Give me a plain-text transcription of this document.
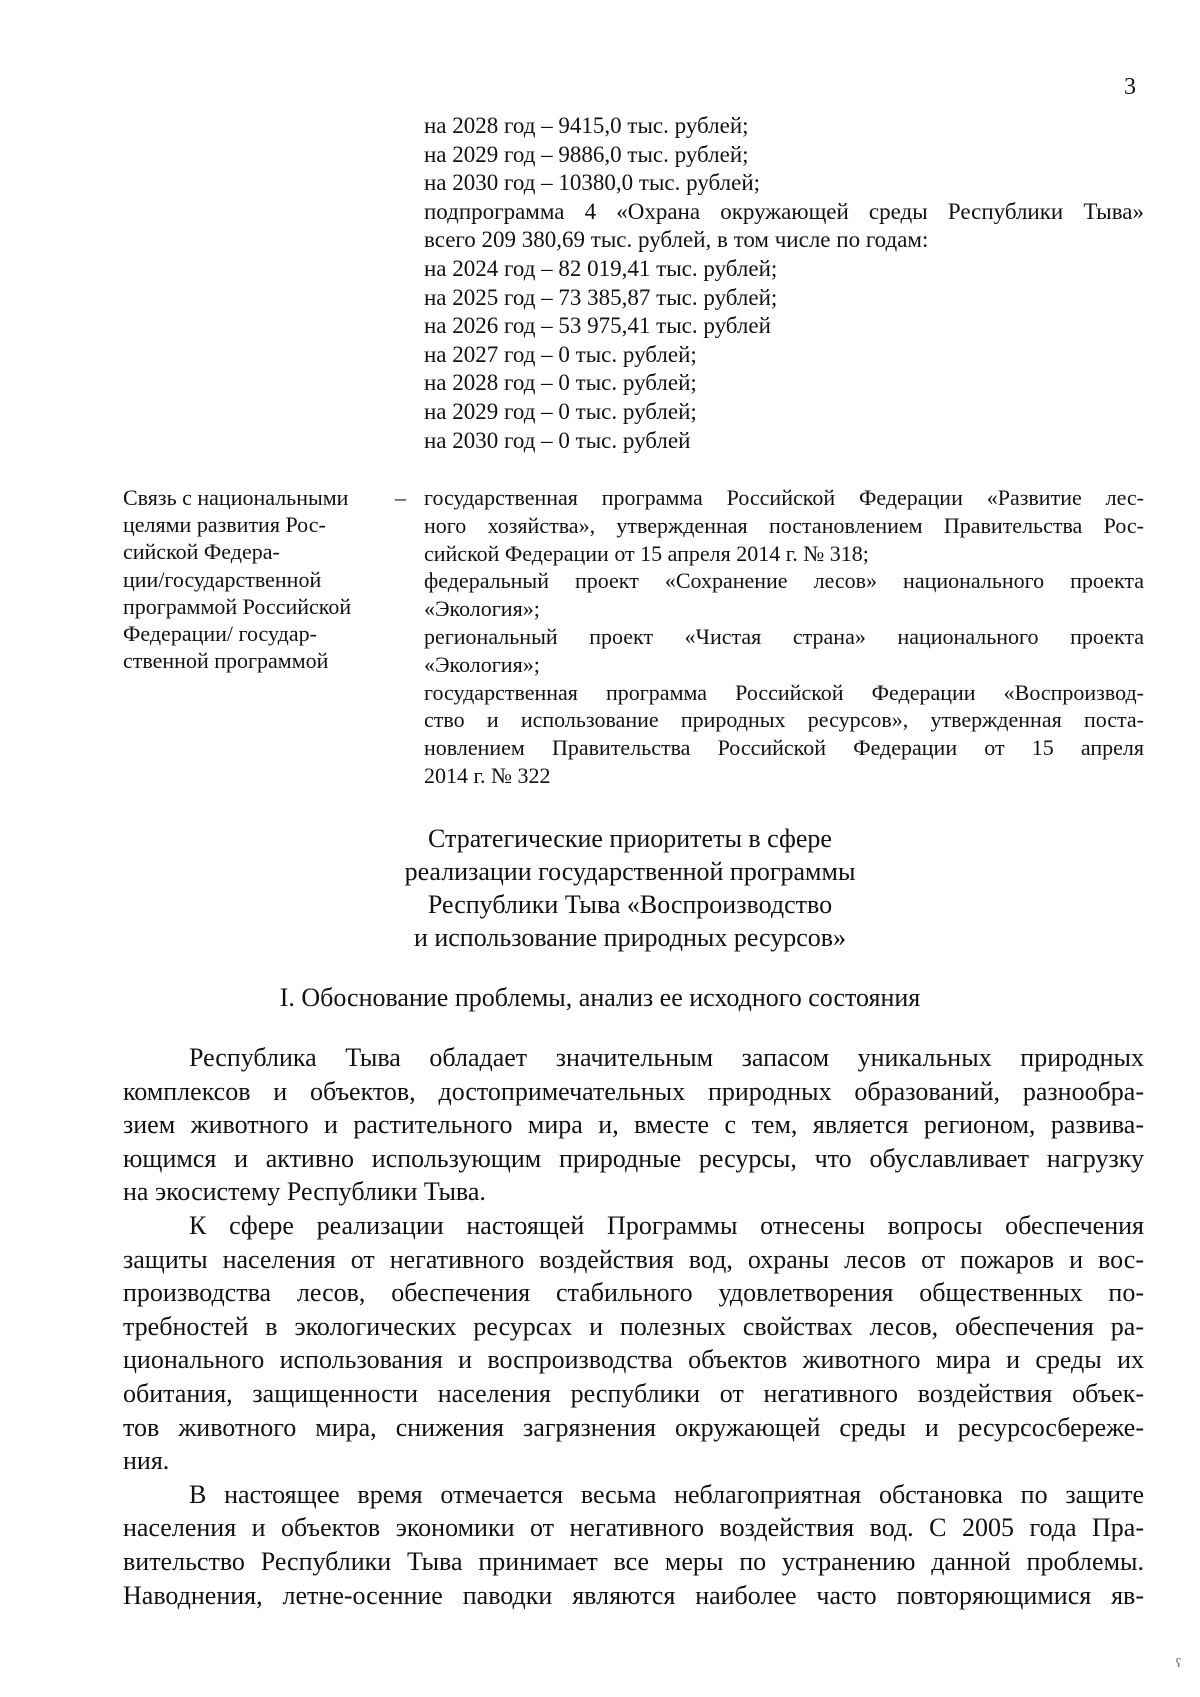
3
на 2028 год – 9415,0 тыс. рублей;
на 2029 год – 9886,0 тыс. рублей;
на 2030 год – 10380,0 тыс. рублей;
подпрограмма 4 «Охрана окружающей среды Республики Тыва»
всего 209 380,69 тыс. рублей, в том числе по годам:
на 2024 год – 82 019,41 тыс. рублей;
на 2025 год – 73 385,87 тыс. рублей;
на 2026 год – 53 975,41 тыс. рублей
на 2027 год – 0 тыс. рублей;
на 2028 год – 0 тыс. рублей;
на 2029 год – 0 тыс. рублей;
на 2030 год – 0 тыс. рублей
Связь с национальными
целями развития Рос-
сийской Федера-
ции/государственной
программой Российской
Федерации/ государ-
ственной программой
– государственная программа Российской Федерации «Развитие лес-
ного хозяйства», утвержденная постановлением Правительства Рос-
сийской Федерации от 15 апреля 2014 г. № 318;
федеральный проект «Сохранение лесов» национального проекта
«Экология»;
региональный проект «Чистая страна» национального проекта
«Экология»;
государственная программа Российской Федерации «Воспроизвод-
ство и использование природных ресурсов», утвержденная поста-
новлением Правительства Российской Федерации от 15 апреля
2014 г. № 322
Стратегические приоритеты в сфере
реализации государственной программы
Республики Тыва «Воспроизводство
и использование природных ресурсов»
I. Обоснование проблемы, анализ ее исходного состояния
Республика Тыва обладает значительным запасом уникальных природных
комплексов и объектов, достопримечательных природных образований, разнообра-
зием животного и растительного мира и, вместе с тем, является регионом, развива-
ющимся и активно использующим природные ресурсы, что обуславливает нагрузку
на экосистему Республики Тыва.
К сфере реализации настоящей Программы отнесены вопросы обеспечения
защиты населения от негативного воздействия вод, охраны лесов от пожаров и вос-
производства лесов, обеспечения стабильного удовлетворения общественных по-
требностей в экологических ресурсах и полезных свойствах лесов, обеспечения ра-
ционального использования и воспроизводства объектов животного мира и среды их
обитания, защищенности населения республики от негативного воздействия объек-
тов животного мира, снижения загрязнения окружающей среды и ресурсосбереже-
ния.
В настоящее время отмечается весьма неблагоприятная обстановка по защите
населения и объектов экономики от негативного воздействия вод. С 2005 года Пра-
вительство Республики Тыва принимает все меры по устранению данной проблемы.
Наводнения, летне-осенние паводки являются наиболее часто повторяющимися яв-
ˁ
